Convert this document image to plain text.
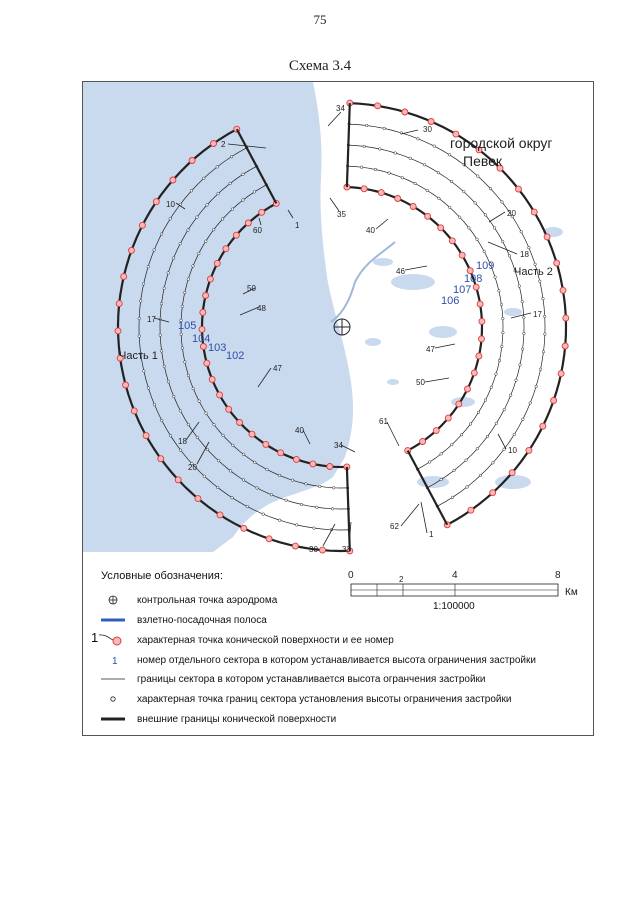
75
Схема 3.4
городской округ
Певек
Часть 1
Часть 2
105
104
103
102
109
108
107
106
2
1
10
60
17
50
48
47
18
20
40
34
30	33
34
30
35
40
20
18
46
17
47
50
61
10
62
1
0	2	4	8
Км
1:100000
Условные обозначения:
контрольная точка аэродрома
взлетно-посадочная полоса
1	характерная точка конической поверхности и ее номер
1 номер отдельного сектора в котором устанавливается высота ограничения застройки
границы сектора в котором устанавливается высота огранчения застройки
характерная точка границ сектора установления высоты ограничения застройки
внешние границы конической поверхности
